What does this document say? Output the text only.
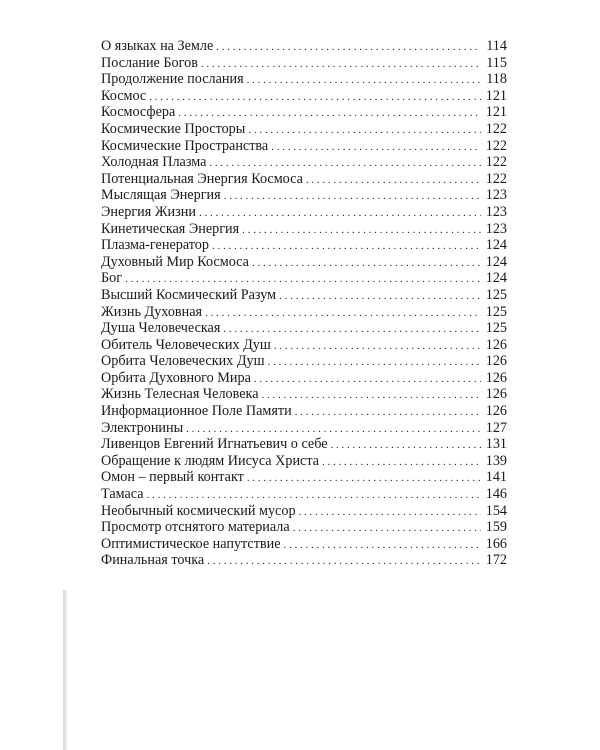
О языках на Земле . . .	114
Послание Богов . . .	115
Продолжение послания . . .	118
Космос . . .	121
Космосфера . . .	121
Космические Просторы . . .	122
Космические Пространства . . .	122
Холодная Плазма . . .	122
Потенциальная Энергия Космоса . . .	122
Мыслящая Энергия . . .	123
Энергия Жизни . . .	123
Кинетическая Энергия . . .	123
Плазма-генератор . . .	124
Духовный Мир Космоса . . .	124
Бог . . .	124
Высший Космический Разум . . .	125
Жизнь Духовная . . .	125
Душа Человеческая . . .	125
Обитель Человеческих Душ . . .	126
Орбита Человеческих Душ . . .	126
Орбита Духовного Мира . . .	126
Жизнь Телесная Человека . . .	126
Информационное Поле Памяти . . .	126
Электронины . . .	127
Ливенцов Евгений Игнатьевич о себе . . .	131
Обращение к людям Иисуса Христа . . .	139
Омон – первый контакт . . .	141
Тамаса . . .	146
Необычный космический мусор . . .	154
Просмотр отснятого материала . . .	159
Оптимистическое напутствие . . .	166
Финальная точка . . .	172
